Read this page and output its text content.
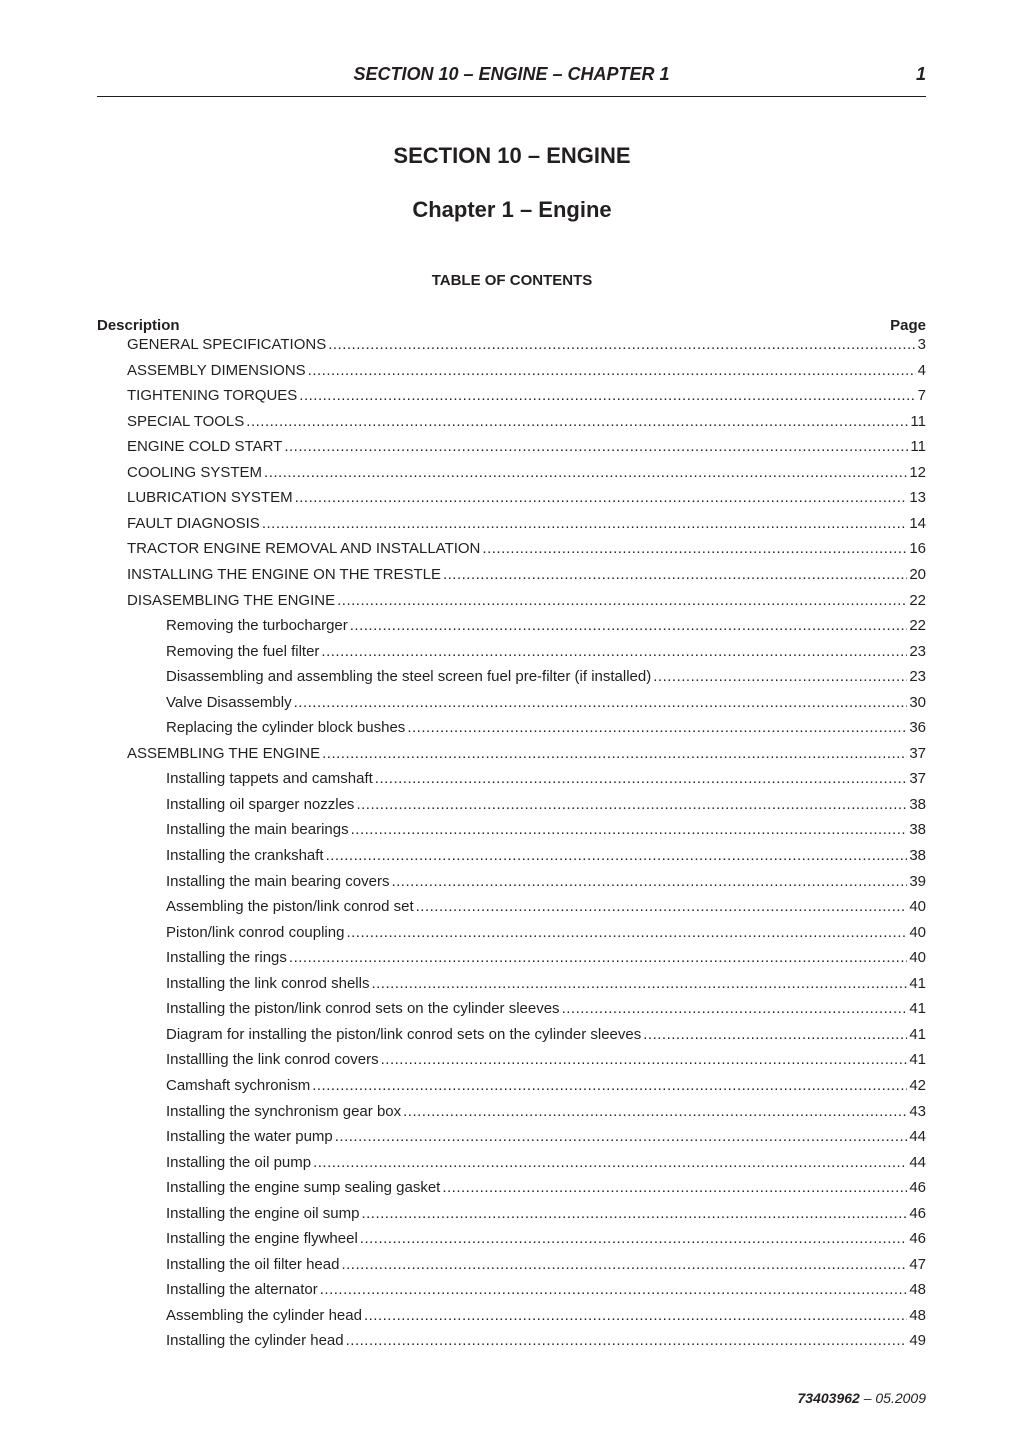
SECTION 10 – ENGINE – CHAPTER 1	1
SECTION 10 – ENGINE
Chapter 1 – Engine
TABLE OF CONTENTS
Description	Page
GENERAL SPECIFICATIONS .....	3
ASSEMBLY DIMENSIONS .....	4
TIGHTENING TORQUES .....	7
SPECIAL TOOLS .....	11
ENGINE COLD START .....	11
COOLING SYSTEM .....	12
LUBRICATION SYSTEM .....	13
FAULT DIAGNOSIS .....	14
TRACTOR ENGINE REMOVAL AND INSTALLATION .....	16
INSTALLING THE ENGINE ON THE TRESTLE .....	20
DISASEMBLING THE ENGINE .....	22
Removing the turbocharger .....	22
Removing the fuel filter .....	23
Disassembling and assembling the steel screen fuel pre-filter (if installed) .....	23
Valve Disassembly .....	30
Replacing the cylinder block bushes .....	36
ASSEMBLING THE ENGINE .....	37
Installing tappets and camshaft .....	37
Installing oil sparger nozzles .....	38
Installing the main bearings .....	38
Installing the crankshaft .....	38
Installing the main bearing covers .....	39
Assembling the piston/link conrod set .....	40
Piston/link conrod coupling .....	40
Installing the rings .....	40
Installing the link conrod shells .....	41
Installing the piston/link conrod sets on the cylinder sleeves .....	41
Diagram for installing the piston/link conrod sets on the cylinder sleeves .....	41
Installling the link conrod covers .....	41
Camshaft sychronism .....	42
Installing the synchronism gear box .....	43
Installing the water pump .....	44
Installing the oil pump .....	44
Installing the engine sump sealing gasket .....	46
Installing the engine oil sump .....	46
Installing the engine flywheel .....	46
Installing the oil filter head .....	47
Installing the alternator .....	48
Assembling the cylinder head .....	48
Installing the cylinder head .....	49
73403962 – 05.2009
